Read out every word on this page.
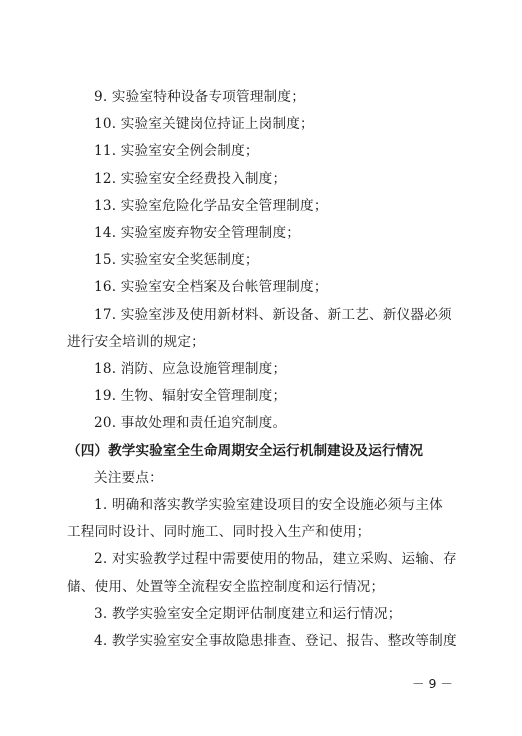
9. 实验室特种设备专项管理制度；
10. 实验室关键岗位持证上岗制度；
11. 实验室安全例会制度；
12. 实验室安全经费投入制度；
13. 实验室危险化学品安全管理制度；
14. 实验室废弃物安全管理制度；
15. 实验室安全奖惩制度；
16. 实验室安全档案及台帐管理制度；
17. 实验室涉及使用新材料、新设备、新工艺、新仪器必须
进行安全培训的规定；
18. 消防、应急设施管理制度；
19. 生物、辐射安全管理制度；
20. 事故处理和责任追究制度。
（四）教学实验室全生命周期安全运行机制建设及运行情况
关注要点：
1. 明确和落实教学实验室建设项目的安全设施必须与主体
工程同时设计、同时施工、同时投入生产和使用；
2. 对实验教学过程中需要使用的物品，建立采购、运输、存
储、使用、处置等全流程安全监控制度和运行情况；
3. 教学实验室安全定期评估制度建立和运行情况；
4. 教学实验室安全事故隐患排查、登记、报告、整改等制度
－ 9 －
